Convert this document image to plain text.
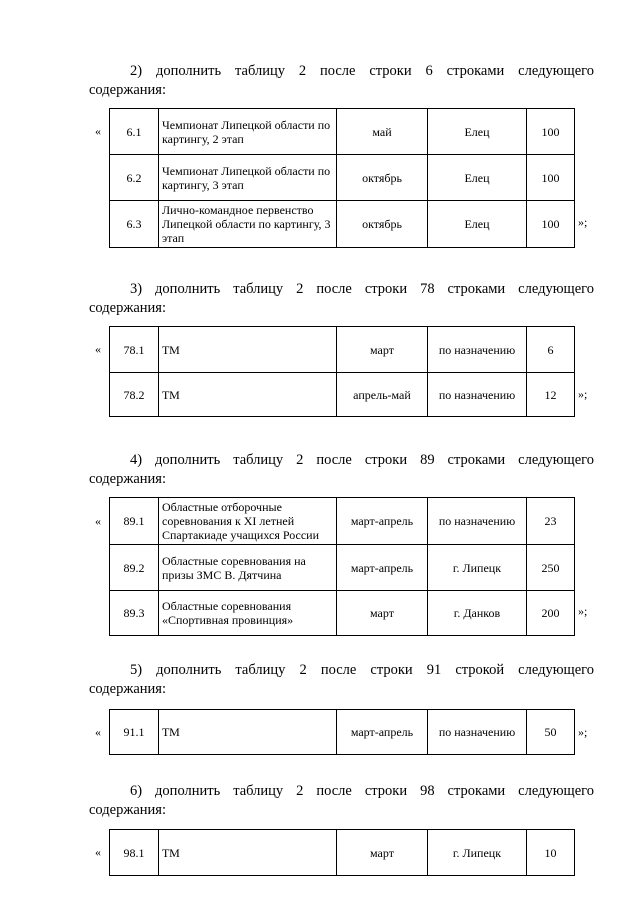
2) дополнить таблицу 2 после строки 6 строками следующего
содержания:
« 6.1	Чемпионат Липецкой области по картингу, 2 этап	май	Елец	100
6.2	Чемпионат Липецкой области по картингу, 3 этап	октябрь	Елец	100
6.3	Лично-командное первенство Липецкой области по картингу, 3 этап	октябрь	Елец	100 »;
3) дополнить таблицу 2 после строки 78 строками следующего
содержания:
« 78.1	ТМ	март	по назначению	6
78.2	ТМ	апрель-май	по назначению	12 »;
4) дополнить таблицу 2 после строки 89 строками следующего
содержания:
« 89.1	Областные отборочные соревнования к XI летней Спартакиаде учащихся России	март-апрель	по назначению	23
89.2	Областные соревнования на призы ЗМС В. Дятчина	март-апрель	г. Липецк	250
89.3	Областные соревнования «Спортивная провинция»	март	г. Данков	200 »;
5) дополнить таблицу 2 после строки 91 строкой следующего
содержания:
« 91.1	ТМ	март-апрель	по назначению	50 »;
6) дополнить таблицу 2 после строки 98 строками следующего
содержания:
« 98.1	ТМ	март	г. Липецк	10
